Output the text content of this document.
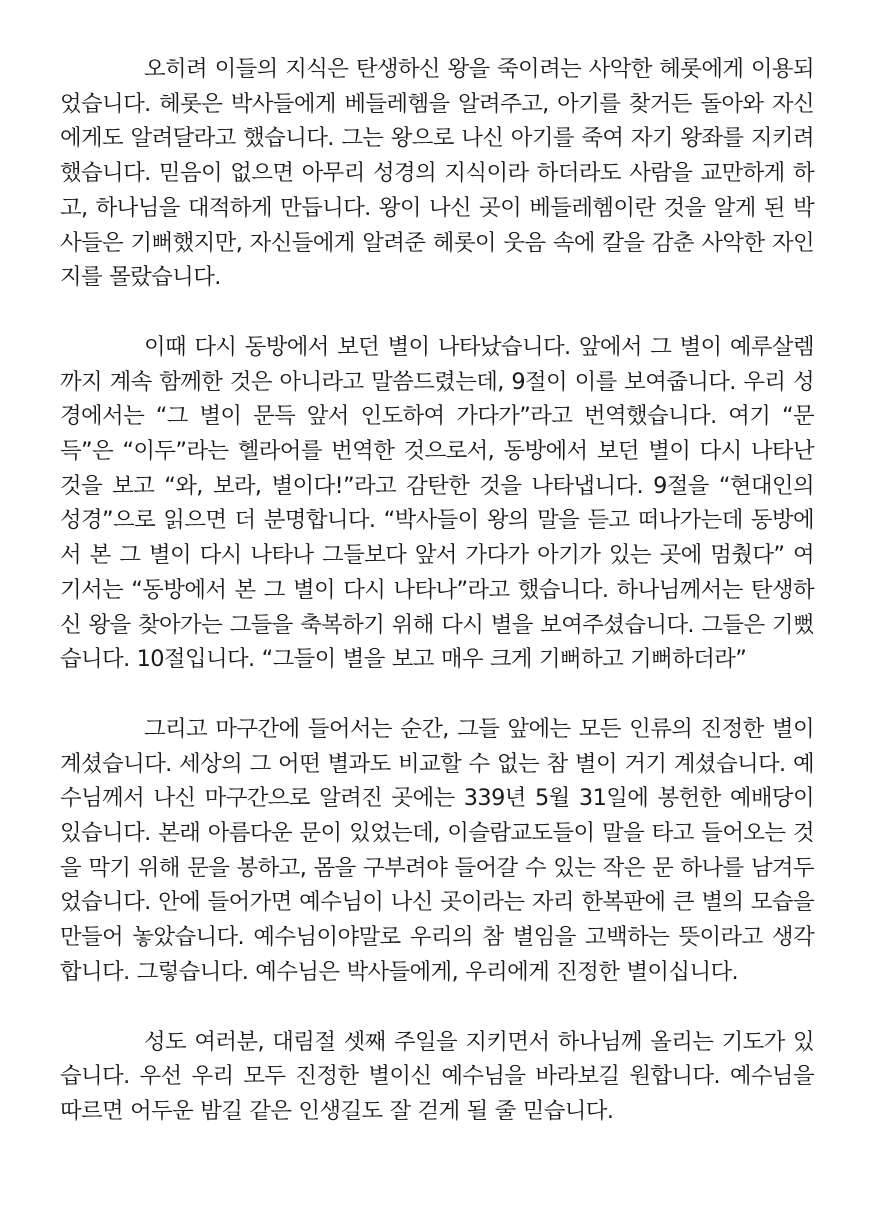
오히려 이들의 지식은 탄생하신 왕을 죽이려는 사악한 헤롯에게 이용되었습니다. 헤롯은 박사들에게 베들레헴을 알려주고, 아기를 찾거든 돌아와 자신에게도 알려달라고 했습니다. 그는 왕으로 나신 아기를 죽여 자기 왕좌를 지키려 했습니다. 믿음이 없으면 아무리 성경의 지식이라 하더라도 사람을 교만하게 하고, 하나님을 대적하게 만듭니다. 왕이 나신 곳이 베들레헴이란 것을 알게 된 박사들은 기뻐했지만, 자신들에게 알려준 헤롯이 웃음 속에 칼을 감춘 사악한 자인지를 몰랐습니다.

이때 다시 동방에서 보던 별이 나타났습니다. 앞에서 그 별이 예루살렘까지 계속 함께한 것은 아니라고 말씀드렸는데, 9절이 이를 보여줍니다. 우리 성경에서는 “그 별이 문득 앞서 인도하여 가다가”라고 번역했습니다. 여기 “문득”은 “이두”라는 헬라어를 번역한 것으로서, 동방에서 보던 별이 다시 나타난 것을 보고 “와, 보라, 별이다!”라고 감탄한 것을 나타냅니다. 9절을 “현대인의 성경”으로 읽으면 더 분명합니다. “박사들이 왕의 말을 듣고 떠나가는데 동방에서 본 그 별이 다시 나타나 그들보다 앞서 가다가 아기가 있는 곳에 멈췄다” 여기서는 “동방에서 본 그 별이 다시 나타나”라고 했습니다. 하나님께서는 탄생하신 왕을 찾아가는 그들을 축복하기 위해 다시 별을 보여주셨습니다. 그들은 기뻤습니다. 10절입니다. “그들이 별을 보고 매우 크게 기뻐하고 기뻐하더라”

그리고 마구간에 들어서는 순간, 그들 앞에는 모든 인류의 진정한 별이 계셨습니다. 세상의 그 어떤 별과도 비교할 수 없는 참 별이 거기 계셨습니다. 예수님께서 나신 마구간으로 알려진 곳에는 339년 5월 31일에 봉헌한 예배당이 있습니다. 본래 아름다운 문이 있었는데, 이슬람교도들이 말을 타고 들어오는 것을 막기 위해 문을 봉하고, 몸을 구부려야 들어갈 수 있는 작은 문 하나를 남겨두었습니다. 안에 들어가면 예수님이 나신 곳이라는 자리 한복판에 큰 별의 모습을 만들어 놓았습니다. 예수님이야말로 우리의 참 별임을 고백하는 뜻이라고 생각합니다. 그렇습니다. 예수님은 박사들에게, 우리에게 진정한 별이십니다.

성도 여러분, 대림절 셋째 주일을 지키면서 하나님께 올리는 기도가 있습니다. 우선 우리 모두 진정한 별이신 예수님을 바라보길 원합니다. 예수님을 따르면 어두운 밤길 같은 인생길도 잘 걷게 될 줄 믿습니다.
